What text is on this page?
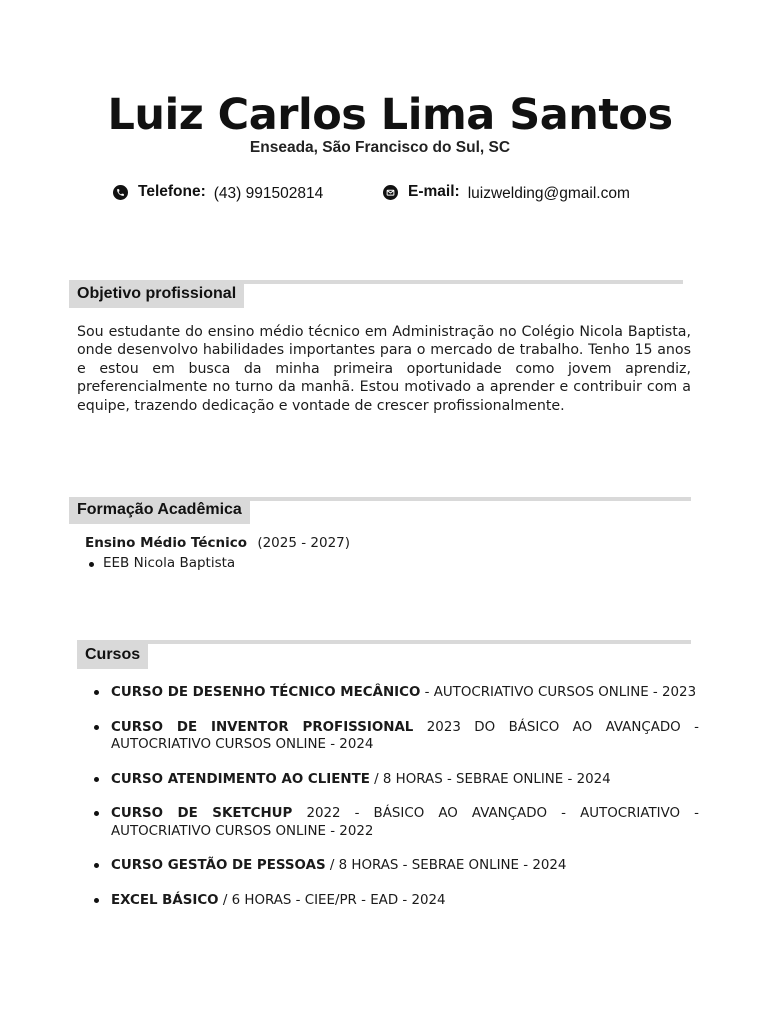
Luiz Carlos Lima Santos
Enseada, São Francisco do Sul, SC
Telefone: (43) 991502814	E-mail: luizwelding@gmail.com
Objetivo profissional

Sou estudante do ensino médio técnico em Administração no Colégio Nicola Baptista, onde desenvolvo habilidades importantes para o mercado de trabalho. Tenho 15 anos e estou em busca da minha primeira oportunidade como jovem aprendiz, preferencialmente no turno da manhã. Estou motivado a aprender e contribuir com a equipe, trazendo dedicação e vontade de crescer profissionalmente.

Formação Acadêmica
Ensino Médio Técnico (2025 - 2027)
EEB Nicola Baptista
Cursos
CURSO DE DESENHO TÉCNICO MECÂNICO - AUTOCRIATIVO CURSOS ONLINE - 2023
CURSO DE INVENTOR PROFISSIONAL 2023 DO BÁSICO AO AVANÇADO - AUTOCRIATIVO CURSOS ONLINE - 2024
CURSO ATENDIMENTO AO CLIENTE / 8 HORAS - SEBRAE ONLINE - 2024
CURSO DE SKETCHUP 2022 - BÁSICO AO AVANÇADO - AUTOCRIATIVO - AUTOCRIATIVO CURSOS ONLINE - 2022
CURSO GESTÃO DE PESSOAS / 8 HORAS - SEBRAE ONLINE - 2024
EXCEL BÁSICO / 6 HORAS - CIEE/PR - EAD - 2024
